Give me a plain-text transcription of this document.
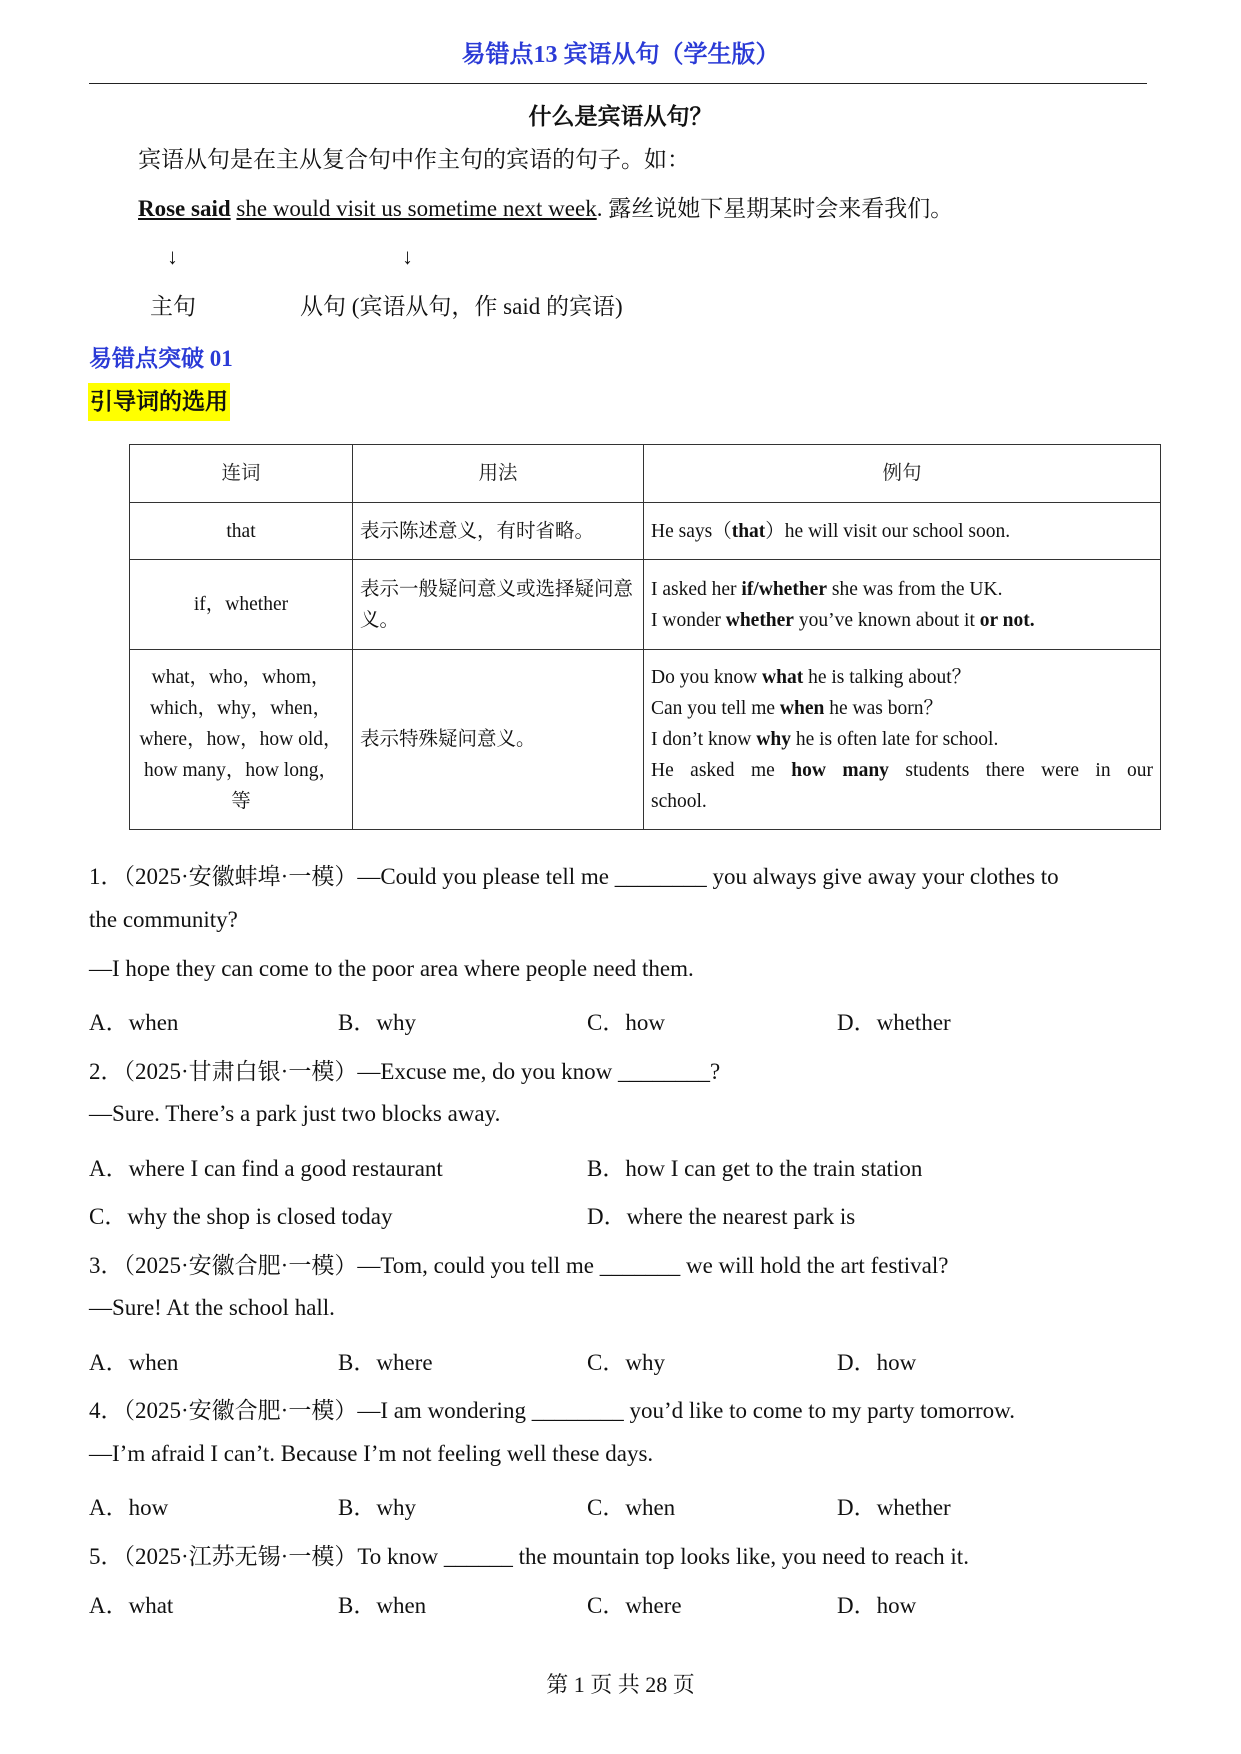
易错点13 宾语从句（学生版）
什么是宾语从句？
宾语从句是在主从复合句中作主句的宾语的句子。如：
Rose said she would visit us sometime next week. 露丝说她下星期某时会来看我们。
↓	↓
主句	从句 (宾语从句，作 said 的宾语)
易错点突破 01
引导词的选用
连词	用法	例句
that	表示陈述意义，有时省略。	He says（that）he will visit our school soon.

if，whether	表示一般疑问意义或选择疑问意义。	I asked her if/whether she was from the UK.
I wonder whether you’ve known about it or not.

what，who，whom，which，why，when，where，how，how old，how many，how long，等	表示特殊疑问意义。	Do you know what he is talking about？
Can you tell me when he was born？
I don’t know why he is often late for school.
He asked me how many students there were in our school.
1．（2025·安徽蚌埠·一模）—Could you please tell me ________ you always give away your clothes to
the community?
—I hope they can come to the poor area where people need them.
A．when	B．why	C．how	D．whether
2．（2025·甘肃白银·一模）—Excuse me, do you know ________?
—Sure. There’s a park just two blocks away.
A．where I can find a good restaurant	B．how I can get to the train station
C．why the shop is closed today	D．where the nearest park is
3．（2025·安徽合肥·一模）—Tom, could you tell me _______ we will hold the art festival?
—Sure! At the school hall.
A．when	B．where	C．why	D．how
4．（2025·安徽合肥·一模）—I am wondering ________ you’d like to come to my party tomorrow.
—I’m afraid I can’t. Because I’m not feeling well these days.
A．how	B．why	C．when	D．whether
5．（2025·江苏无锡·一模）To know ______ the mountain top looks like, you need to reach it.
A．what	B．when	C．where	D．how
第 1 页 共 28 页
